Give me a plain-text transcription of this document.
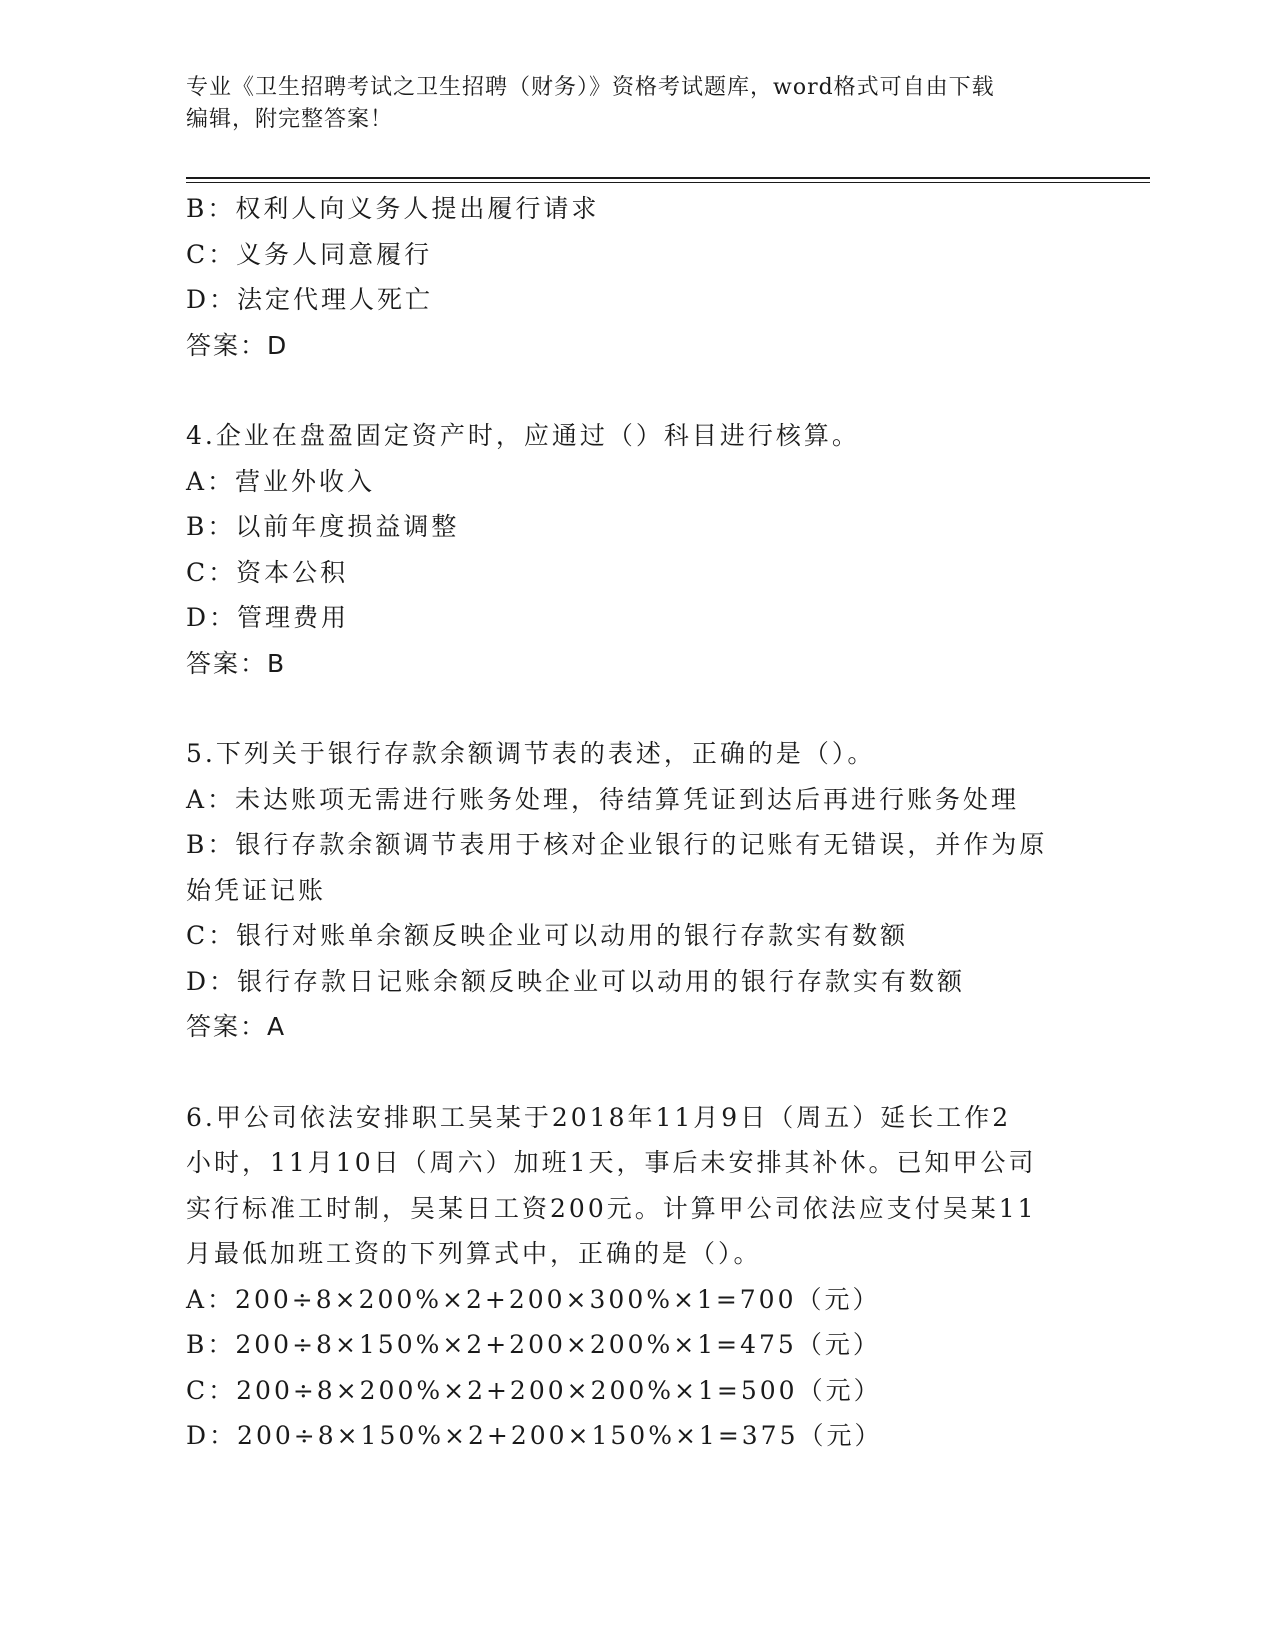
专业《卫生招聘考试之卫生招聘（财务）》资格考试题库，word格式可自由下载
编辑，附完整答案！
B：权利人向义务人提出履行请求
C：义务人同意履行
D：法定代理人死亡
答案：D
4.企业在盘盈固定资产时，应通过（）科目进行核算。
A：营业外收入
B：以前年度损益调整
C：资本公积
D：管理费用
答案：B
5.下列关于银行存款余额调节表的表述，正确的是（）。
A：未达账项无需进行账务处理，待结算凭证到达后再进行账务处理
B：银行存款余额调节表用于核对企业银行的记账有无错误，并作为原
始凭证记账
C：银行对账单余额反映企业可以动用的银行存款实有数额
D：银行存款日记账余额反映企业可以动用的银行存款实有数额
答案：A
6.甲公司依法安排职工吴某于2018年11月9日（周五）延长工作2
小时，11月10日（周六）加班1天，事后未安排其补休。已知甲公司
实行标准工时制，吴某日工资200元。计算甲公司依法应支付吴某11
月最低加班工资的下列算式中，正确的是（）。
A：200÷8×200%×2+200×300%×1=700（元）
B：200÷8×150%×2+200×200%×1=475（元）
C：200÷8×200%×2+200×200%×1=500（元）
D：200÷8×150%×2+200×150%×1=375（元）
